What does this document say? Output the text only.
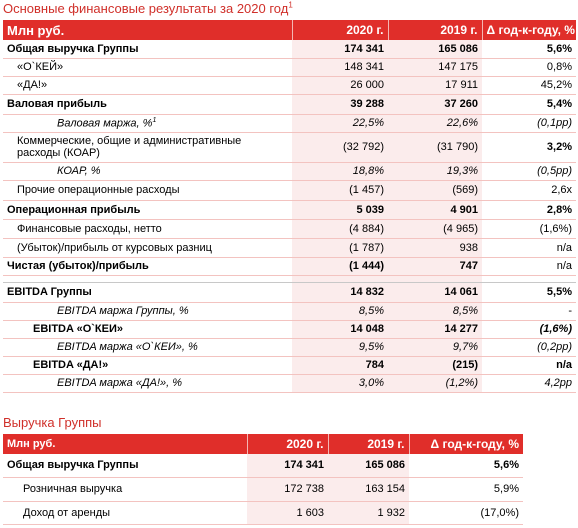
Основные финансовые результаты за 2020 год$^1$
Млн руб.	2020 г.	2019 г.	Δ год-к-году, %
Общая выручка Группы	174 341	165 086	5,6%
«О`КЕЙ»	148 341	147 175	0,8%
«ДА!»	26 000	17 911	45,2%
Валовая прибыль	39 288	37 260	5,4%
Валовая маржа, %$^1$	22,5%	22,6%	(0,1pp)
Коммерческие, общие и административные расходы (КОАР)	(32 792)	(31 790)	3,2%
КОАР, %	18,8%	19,3%	(0,5pp)
Прочие операционные расходы	(1 457)	(569)	2,6x
Операционная прибыль	5 039	4 901	2,8%
Финансовые расходы, нетто	(4 884)	(4 965)	(1,6%)
(Убыток)/прибыль от курсовых разниц	(1 787)	938	n/a
Чистая (убыток)/прибыль	(1 444)	747	n/a

EBITDA Группы	14 832	14 061	5,5%
EBITDA маржа Группы, %	8,5%	8,5%	-
EBITDA «О`КЕИ»	14 048	14 277	(1,6%)
EBITDA маржа «О`КЕИ», %	9,5%	9,7%	(0,2pp)
EBITDA «ДА!»	784	(215)	n/a
EBITDA маржа «ДА!», %	3,0%	(1,2%)	4,2pp
Выручка Группы
Млн руб.	2020 г.	2019 г.	Δ год-к-году, %
Общая выручка Группы	174 341	165 086	5,6%
Розничная выручка	172 738	163 154	5,9%
Доход от аренды	1 603	1 932	(17,0%)
